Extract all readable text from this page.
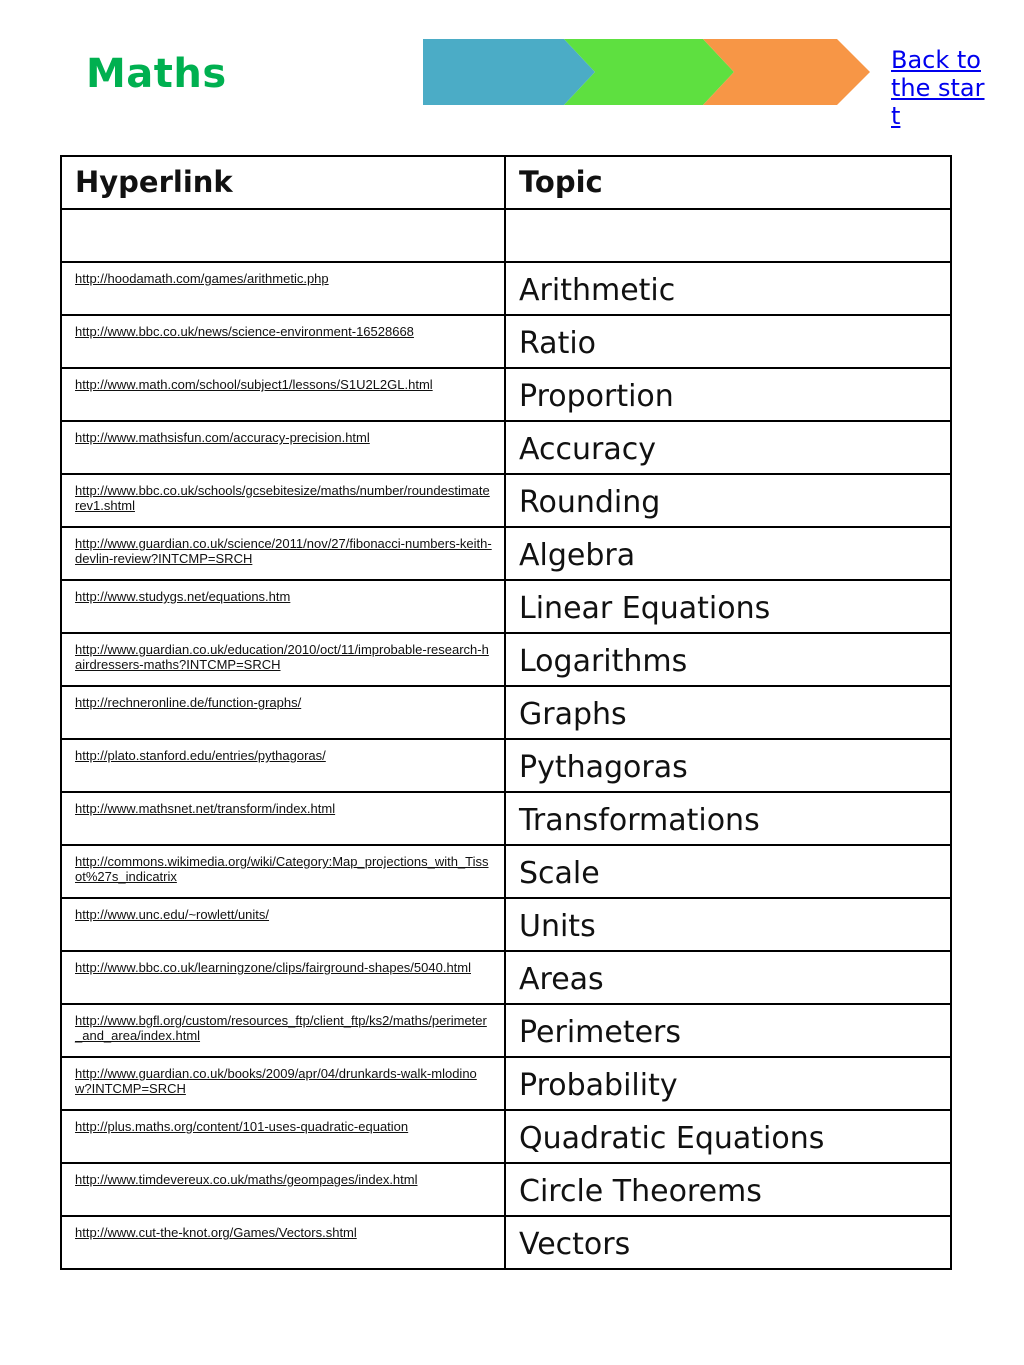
Maths	Back to the start
Hyperlink	Topic

http://hoodamath.com/games/arithmetic.php	Arithmetic

http://www.bbc.co.uk/news/science-environment-16528668	Ratio

http://www.math.com/school/subject1/lessons/S1U2L2GL.html	Proportion

http://www.mathsisfun.com/accuracy-precision.html	Accuracy

http://www.bbc.co.uk/schools/gcsebitesize/maths/number/roundestimaterev1.shtml	Rounding

http://www.guardian.co.uk/science/2011/nov/27/fibonacci-numbers-keith-devlin-review?INTCMP=SRCH	Algebra

http://www.studygs.net/equations.htm	Linear Equations

http://www.guardian.co.uk/education/2010/oct/11/improbable-research-hairdressers-maths?INTCMP=SRCH	Logarithms

http://rechneronline.de/function-graphs/	Graphs

http://plato.stanford.edu/entries/pythagoras/	Pythagoras

http://www.mathsnet.net/transform/index.html	Transformations

http://commons.wikimedia.org/wiki/Category:Map_projections_with_Tissot%27s_indicatrix	Scale

http://www.unc.edu/~rowlett/units/	Units

http://www.bbc.co.uk/learningzone/clips/fairground-shapes/5040.html	Areas

http://www.bgfl.org/custom/resources_ftp/client_ftp/ks2/maths/perimeter_and_area/index.html	Perimeters

http://www.guardian.co.uk/books/2009/apr/04/drunkards-walk-mlodinow?INTCMP=SRCH	Probability

http://plus.maths.org/content/101-uses-quadratic-equation	Quadratic Equations

http://www.timdevereux.co.uk/maths/geompages/index.html	Circle Theorems

http://www.cut-the-knot.org/Games/Vectors.shtml	Vectors
